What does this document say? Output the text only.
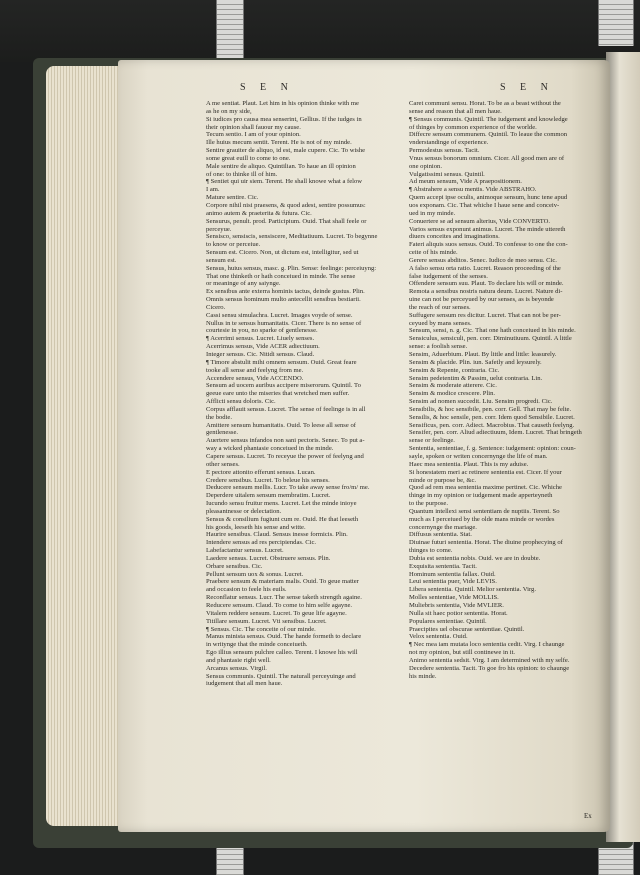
S E N	S E N
A me sentiat. Plaut. Let him in his opinion thinke with me
as he on my side,
Si iudices pro causa mea senserint, Gellius. If the iudges in
their opinion shall fauour my cause.
Tecum sentio. I am of your opinion.
Ille huius mecum sentit. Terent. He is not of my minde.
Sentire grauiter de aliquo, id est, male cupere. Cic. To wishe
some great euill to come to one.
Male sentire de aliquo. Quintilian. To haue an ill opinion
of one: to thinke ill of him.
¶ Sentiet qui uir siem. Terent. He shall knowe what a felow
I am.
Mature sentire. Cic.
Corpore nihil nisi praesens, & quod adest, sentire possumus:
animo autem & praeterita & futura. Cic.
Sensurus, penult. prod. Participium. Ouid. That shall feele or
perceyue.
Sensisco, sensiscis, sensiscere, Meditatiuum. Lucret. To begynne
to know or perceiue.
Sensum est. Cicero. Non, ut dictum est, intelligitur, sed ut
sensum est.
Sensus, huius sensus, masc. g. Plin. Sense: feelinge: perceiuyng:
That one thinketh or hath conceiued in minde. The sense
or meaninge of any saiynge.
Ex sensibus ante exterra hominis tactus, deinde gustus. Plin.
Omnis sensus hominum multo antecellit sensibus bestiarii.
Cicero.
Cassi sensu simulachra. Lucret. Images voyde of sense.
Nullus in te sensus humanitatis. Cicer. There is no sense of
courtesie in you, no sparke of gentlenesse.
¶ Acerrimi sensus. Lucret. Liuely senses.
Acerrimus sensus, Vide ACER adiectiuum.
Integer sensus. Cic. Nitidi sensus. Claud.
¶ Timore abstulit mihi omnem sensum. Ouid. Great feare
tooke all sense and feelyng from me.
Accendere sensus, Vide ACCENDO.
Sensum ad uocem auribus accipere miserorum. Quintil. To
geeue eare unto the miseries that wretched men suffer.
Afflicti sensu doloris. Cic.
Corpus afflauit sensus. Lucret. The sense of feelinge is in all
the bodie.
Amittere sensum humanitatis. Ouid. To leese all sense of
gentlenesse.
Auertere sensus infandos non sani pectoris. Senec. To put a-
way a wicked phantasie conceiued in the minde.
Capere sensus. Lucret. To receyue the power of feelyng and
other senses.
E pectore attonito efferunt sensus. Lucan.
Credere sensibus. Lucret. To beleue his senses.
Deducere sensum mellis. Lucr. To take away sense fro/m/ me.
Deperdere uitalem sensum membratim. Lucret.
Iucundo sensu fruitur mens. Lucret. Let the minde inioye
pleasantnesse or delectation.
Sensus & consilium fugiunt cum re. Ouid. He that leeseth
his goods, leeseth his sense and witte.
Haurire sensibus. Claud. Sensus inesse formicis. Plin.
Intendere sensus ad res percipiendas. Cic.
Labefactantur sensus. Lucret.
Laedere sensus. Lucret. Obstruere sensus. Plin.
Orbare sensibus. Cic.
Pellunt sensum uox & sonus. Lucret.
Praebere sensum & materiam malis. Ouid. To geue matter
and occasion to feele his euils.
Reconflatur sensus. Lucr. The sense taketh strength againe.
Reducere sensum. Claud. To come to him selfe agayne.
Vitalem reddere sensum. Lucret. To geue life agayne.
Titillare sensum. Lucret. Vti sensibus. Lucret.
¶ Sensus. Cic. The conceite of our minde.
Manus minista sensus. Ouid. The hande formeth to declare
in writynge that the minde conceiueth.
Ego illius sensum pulchre calleo. Terent. I knowe his will
and phantasie right well.
Arcanus sensus. Virgil.
Sensus communis. Quintil. The naturall perceyuinge and
iudgement that all men haue.
Caret communi sensu. Horat. To be as a beast without the
sense and reason that all men haue.
¶ Sensus communis. Quintil. The iudgement and knowledge
of thinges by common experience of the worlde.
Diffecre sensum communem. Quintil. To leaue the common
vnderstandinge of experience.
Permodestus sensus. Tacit.
Vnus sensus bonorum omnium. Cicer. All good men are of
one opinion.
Vulgatissimi sensus. Quintil.
Ad meum sensum, Vide A praepositionem.
¶ Abstrahere a sensu mentis. Vide ABSTRAHO.
Quem accepi ipse oculis, animoque sensum, hunc tene apud
uos exponam. Cic. That whiche I haue sene and conceiv-
ued in my minde.
Conuertere se ad sensum alterius, Vide CONVERTO.
Varios sensus exponunt animus. Lucret. The minde uttereth
diuers conceites and imaginations.
Fateri aliquis suos sensus. Ouid. To confesse to one the con-
ceite of his minde.
Gerere sensus abditos. Senec. Iudico de meo sensu. Cic.
A falso sensu orta ratio. Lucret. Reason proceeding of the
false iudgement of the senses.
Offendere sensum suu. Plaut. To declare his will or minde.
Remota a sensibus nostris natura deum. Lucret. Nature di-
uine can not be perceyued by our senses, as is beyonde
the reach of our senses.
Suffugere sensum res dicitur. Lucret. That can not be per-
ceyued by mans senses.
Sensum, sensi, n. g. Cic. That one hath conceiued in his minde.
Sensiculus, sensiculi, pen. corr. Diminutiuum. Quintil. A little
sense: a foolish sense.
Sensim, Aduerbium. Plaut. By little and little: leasurely.
Sensim & placide. Plin. iun. Safetly and leysurely.
Sensim & Repente, contraria. Cic.
Sensim pedetentim & Passim, uelut contraria. Lin.
Sensim & moderate atterere. Cic.
Sensim & modice crescere. Plin.
Sensim ad nomen succedit. Liu. Sensim progredi. Cic.
Sensibilis, & hoc sensibile, pen. corr. Gell. That may be felte.
Sensilis, & hoc sensile, pen. corr. Idem quod Sensibile. Lucret.
Sensificus, pen. corr. Adiect. Macrobius. That causeth feelyng.
Sensifer, pen. corr. Aliud adiectiuum, Idem. Lucret. That bringeth
sense or feelinge.
Sententia, sententiae, f. g. Sentence: iudgement: opinion: coun-
sayle, spoken or writen concernynge the life of man.
Haec mea sententia. Plaut. This is my aduise.
Si honestatem meri ac retinere sententia est. Cicer. If your
minde or purpose be, &c.
Quod ad rem mea sententia maxime pertinet. Cic. Whiche
thinge in my opinion or iudgement made apperteyneth
to the purpose.
Quantum intellexi sensi sententiam de nuptiis. Terent. So
much as I perceiued by the olde mans minde or wordes
concernynge the mariage.
Diffusus sententia. Stat.
Diuinae futuri sententia. Horat. The diuine prophecying of
thinges to come.
Dubia est sententia nobis. Ouid. we are in doubte.
Exquisita sententia. Tacit.
Hominum sententia fallax. Ouid.
Leui sententia puer, Vide LEVIS.
Libera sententia. Quintil. Melior sententia. Virg.
Molles sententiae, Vide MOLLIS.
Muliebris sententia, Vide MVLIER.
Nulla sit haec potior sententia. Horat.
Populares sententiae. Quintil.
Praecipites uel obscurae sententiae. Quintil.
Velox sententia. Ouid.
¶ Nec mea iam mutata loco sententia cedit. Virg. I chaunge
not my opinion, but still continewe in it.
Animo sententia sedsit. Virg. I am determined with my selfe.
Decedere sententia. Tacit. To goe fro his opinion: to chaunge
his minde.
Ex
